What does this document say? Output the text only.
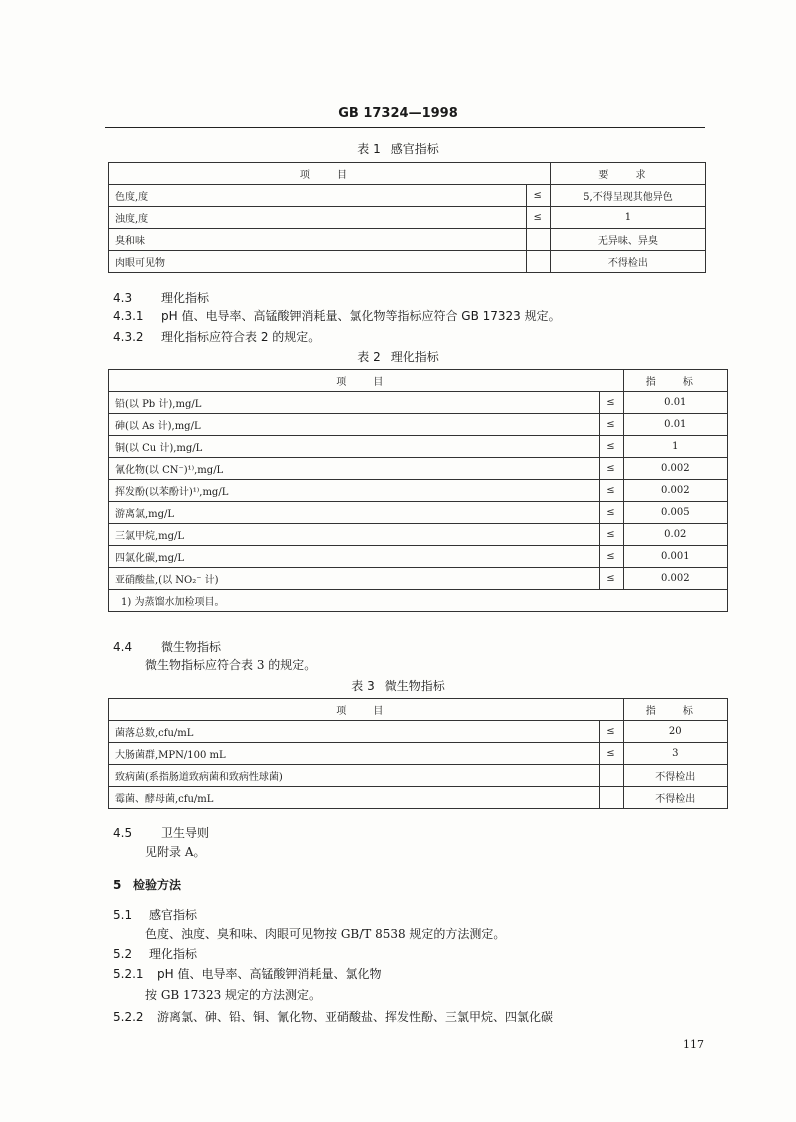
GB 17324—1998
表 1 感官指标
项 目		要 求
色度,度	≤	5,不得呈现其他异色
浊度,度	≤	1
臭和味		无异味、异臭
肉眼可见物		不得检出
4.3 理化指标
4.3.1 pH 值、电导率、高锰酸钾消耗量、氯化物等指标应符合 GB 17323 规定。
4.3.2 理化指标应符合表 2 的规定。
表 2 理化指标
项 目		指 标
铅(以 Pb 计),mg/L	≤	0.01
砷(以 As 计),mg/L	≤	0.01
铜(以 Cu 计),mg/L	≤	1
氰化物(以 CN⁻)¹⁾,mg/L	≤	0.002
挥发酚(以苯酚计)¹⁾,mg/L	≤	0.002
游离氯,mg/L	≤	0.005
三氯甲烷,mg/L	≤	0.02
四氯化碳,mg/L	≤	0.001
亚硝酸盐,(以 NO₂⁻ 计)	≤	0.002
1) 为蒸馏水加检项目。		
4.4 微生物指标
微生物指标应符合表 3 的规定。
表 3 微生物指标
项 目		指 标
菌落总数,cfu/mL	≤	20
大肠菌群,MPN/100 mL	≤	3
致病菌(系指肠道致病菌和致病性球菌)		不得检出
霉菌、酵母菌,cfu/mL		不得检出
4.5 卫生导则
见附录 A。
5 检验方法
5.1 感官指标
色度、浊度、臭和味、肉眼可见物按 GB/T 8538 规定的方法测定。
5.2 理化指标
5.2.1 pH 值、电导率、高锰酸钾消耗量、氯化物
按 GB 17323 规定的方法测定。
5.2.2 游离氯、砷、铅、铜、氰化物、亚硝酸盐、挥发性酚、三氯甲烷、四氯化碳
117
